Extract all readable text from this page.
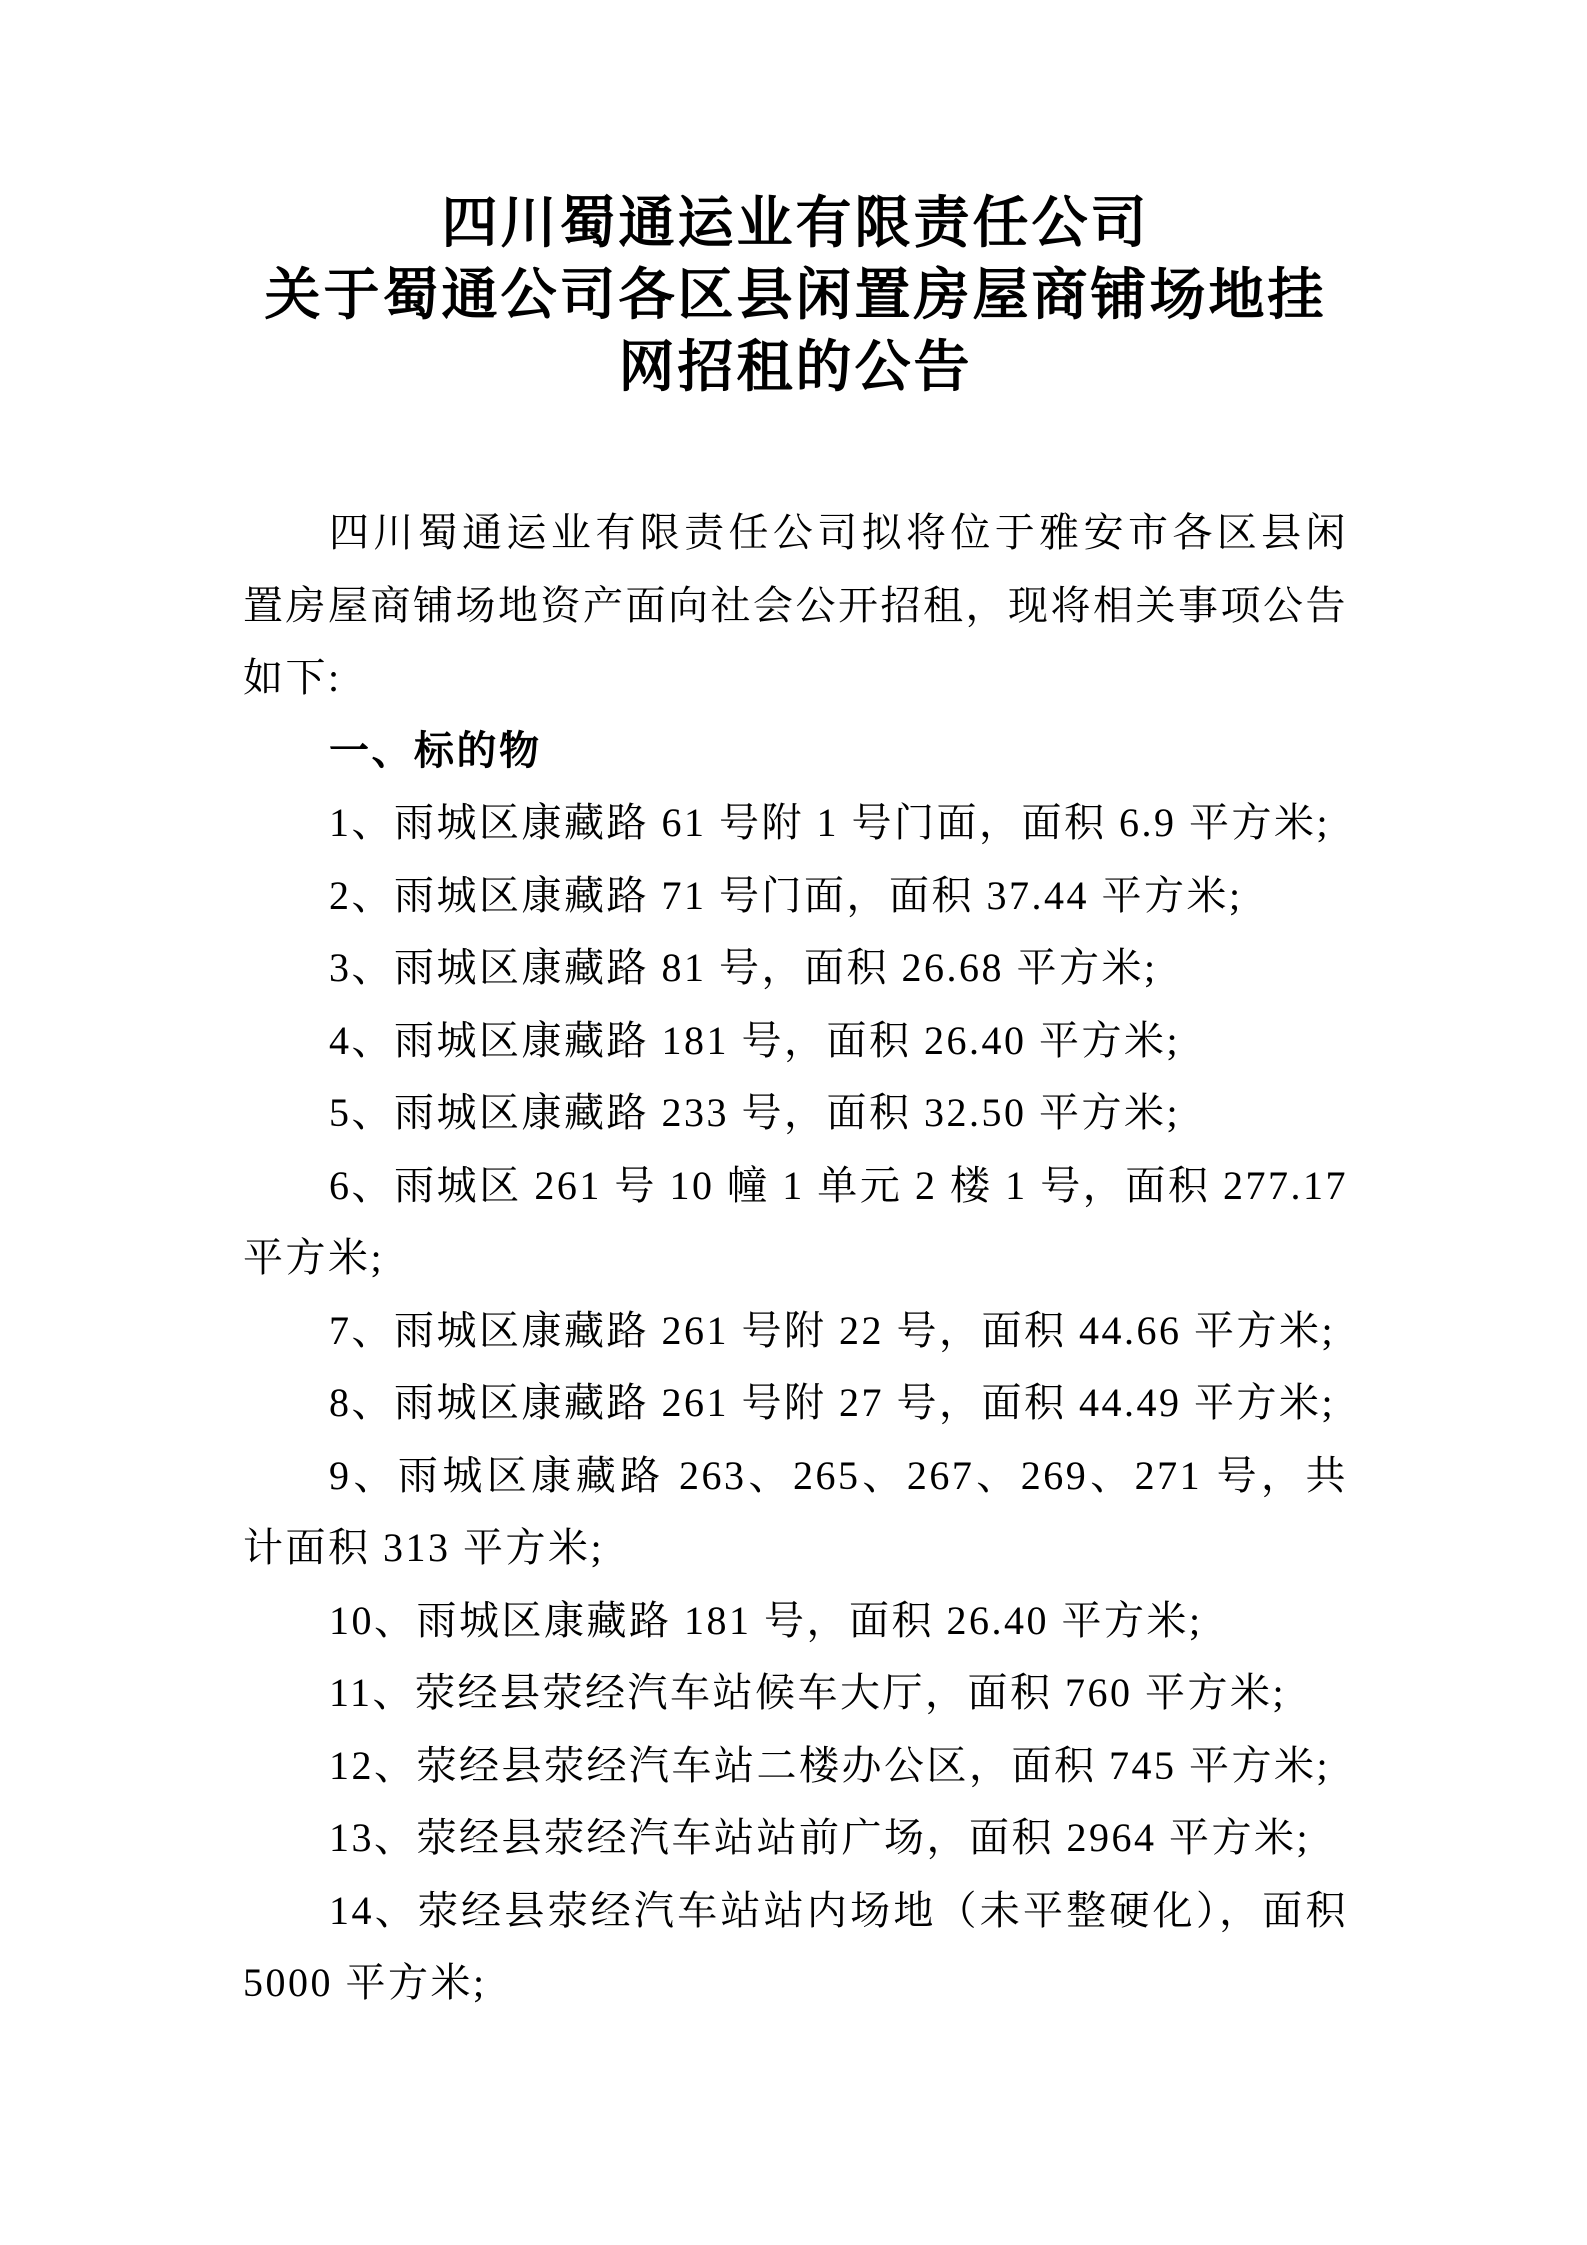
四川蜀通运业有限责任公司
关于蜀通公司各区县闲置房屋商铺场地挂网招租的公告

四川蜀通运业有限责任公司拟将位于雅安市各区县闲置房屋商铺场地资产面向社会公开招租，现将相关事项公告如下:

一、标的物

1、雨城区康藏路 61 号附 1 号门面，面积 6.9 平方米;

2、雨城区康藏路 71 号门面，面积 37.44 平方米;

3、雨城区康藏路 81 号，面积 26.68 平方米;

4、雨城区康藏路 181 号，面积 26.40 平方米;

5、雨城区康藏路 233 号，面积 32.50 平方米;

6、雨城区 261 号 10 幢 1 单元 2 楼 1 号，面积 277.17 平方米;

7、雨城区康藏路 261 号附 22 号，面积 44.66 平方米;

8、雨城区康藏路 261 号附 27 号，面积 44.49 平方米;

9、雨城区康藏路 263、265、267、269、271 号，共计面积 313 平方米;

10、雨城区康藏路 181 号，面积 26.40 平方米;

11、荥经县荥经汽车站候车大厅，面积 760 平方米;

12、荥经县荥经汽车站二楼办公区，面积 745 平方米;

13、荥经县荥经汽车站站前广场，面积 2964 平方米;

14、荥经县荥经汽车站站内场地（未平整硬化），面积 5000 平方米;
